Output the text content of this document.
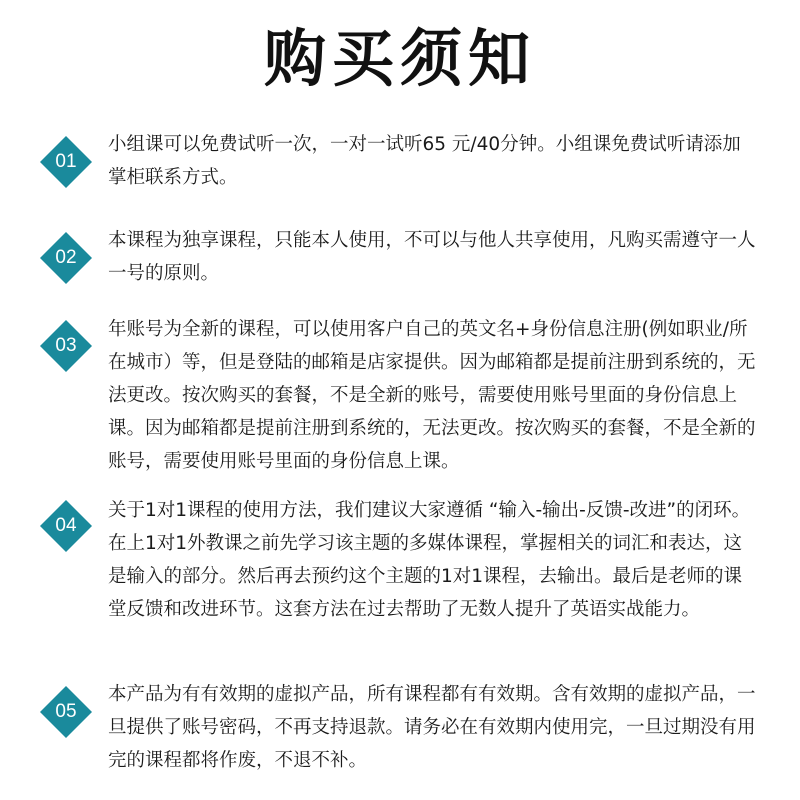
购买须知
01
小组课可以免费试听一次，一对一试听65 元/40分钟。小组课免费试听请添加掌柜联系方式。
02
本课程为独享课程，只能本人使用，不可以与他人共享使用，凡购买需遵守一人一号的原则。
03
年账号为全新的课程，可以使用客户自己的英文名+身份信息注册(例如职业/所在城市）等，但是登陆的邮箱是店家提供。因为邮箱都是提前注册到系统的，无法更改。按次购买的套餐，不是全新的账号，需要使用账号里面的身份信息上课。因为邮箱都是提前注册到系统的，无法更改。按次购买的套餐，不是全新的账号，需要使用账号里面的身份信息上课。
04
关于1对1课程的使用方法，我们建议大家遵循 “输入-输出-反馈-改进”的闭环。在上1对1外教课之前先学习该主题的多媒体课程，掌握相关的词汇和表达，这是输入的部分。然后再去预约这个主题的1对1课程，去输出。最后是老师的课堂反馈和改进环节。这套方法在过去帮助了无数人提升了英语实战能力。
05
本产品为有有效期的虚拟产品，所有课程都有有效期。含有效期的虚拟产品，一旦提供了账号密码，不再支持退款。请务必在有效期内使用完，一旦过期没有用完的课程都将作废，不退不补。
